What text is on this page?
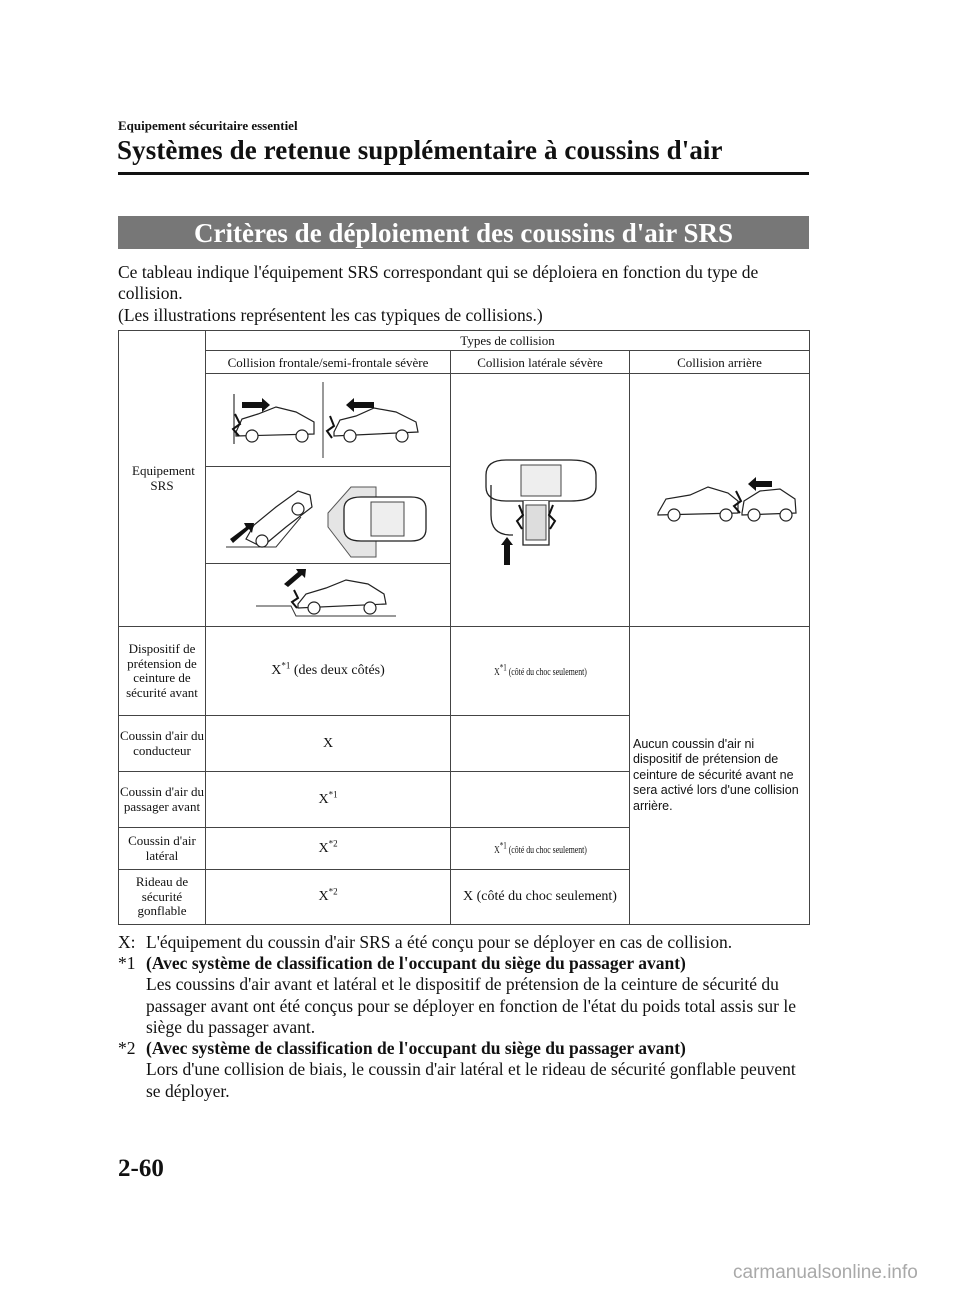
Equipement sécuritaire essentiel
Systèmes de retenue supplémentaire à coussins d'air
Critères de déploiement des coussins d'air SRS
Ce tableau indique l'équipement SRS correspondant qui se déploiera en fonction du type de collision.
(Les illustrations représentent les cas typiques de collisions.)
Equipement SRS	Types de collision		
	Collision frontale/semi-frontale sévère	Collision latérale sévère	Collision arrière

Dispositif de prétension de ceinture de sécurité avant	$X^{*1}$ (des deux côtés)	$X^{*1}$ (côté du choc seulement)	Aucun coussin d'air ni dispositif de prétension de ceinture de sécurité avant ne sera activé lors d'une collision arrière.
Coussin d'air du conducteur	X		
Coussin d'air du passager avant	$X^{*1}$	
Coussin d'air latéral	$X^{*2}$	$X^{*1}$ (côté du choc seulement)	
Rideau de sécurité gonflable	$X^{*2}$	X (côté du choc seulement)	
X: L'équipement du coussin d'air SRS a été conçu pour se déployer en cas de collision.
*1 (Avec système de classification de l'occupant du siège du passager avant)
Les coussins d'air avant et latéral et le dispositif de prétension de la ceinture de sécurité du passager avant ont été conçus pour se déployer en fonction de l'état du poids total assis sur le siège du passager avant.
*2 (Avec système de classification de l'occupant du siège du passager avant)
Lors d'une collision de biais, le coussin d'air latéral et le rideau de sécurité gonflable peuvent se déployer.
2-60
carmanualsonline.info
